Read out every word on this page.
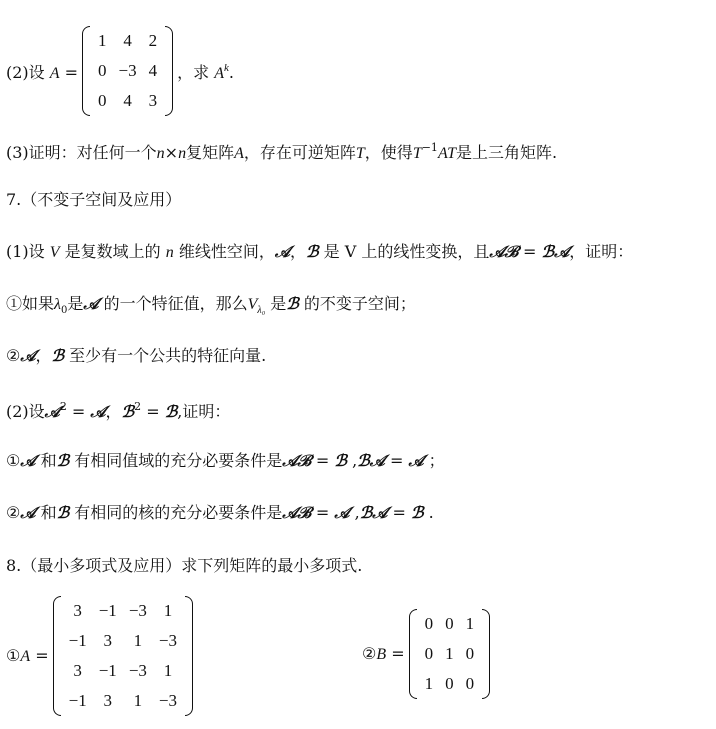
(2)设 A =
1	4	2
0	−3	4
0	4	3
，求 $A^k$.
(3)证明：对任何一个n×n复矩阵A，存在可逆矩阵T，使得$T^{-1}AT$是上三角矩阵.
7.（不变子空间及应用）
(1)设 V 是复数域上的 n 维线性空间，𝒜，ℬ 是 V 上的线性变换，且𝒜ℬ = ℬ𝒜，证明：
①如果$\lambda_0$是𝒜 的一个特征值，那么$V_{\lambda_0}$ 是ℬ 的不变子空间；
②𝒜，ℬ 至少有一个公共的特征向量.
(2)设𝒜$^2$ = 𝒜，ℬ$^2$ = ℬ,证明：
①𝒜 和ℬ 有相同值域的充分必要条件是𝒜ℬ = ℬ ,ℬ𝒜 = 𝒜 ；
②𝒜 和ℬ 有相同的核的充分必要条件是𝒜ℬ = 𝒜 ,ℬ𝒜 = ℬ .
8.（最小多项式及应用）求下列矩阵的最小多项式.
①A =
3	−1	−3	1
−1	3	1	−3
3	−1	−3	1
−1	3	1	−3
②B =
0	0	1
0	1	0
1	0	0
